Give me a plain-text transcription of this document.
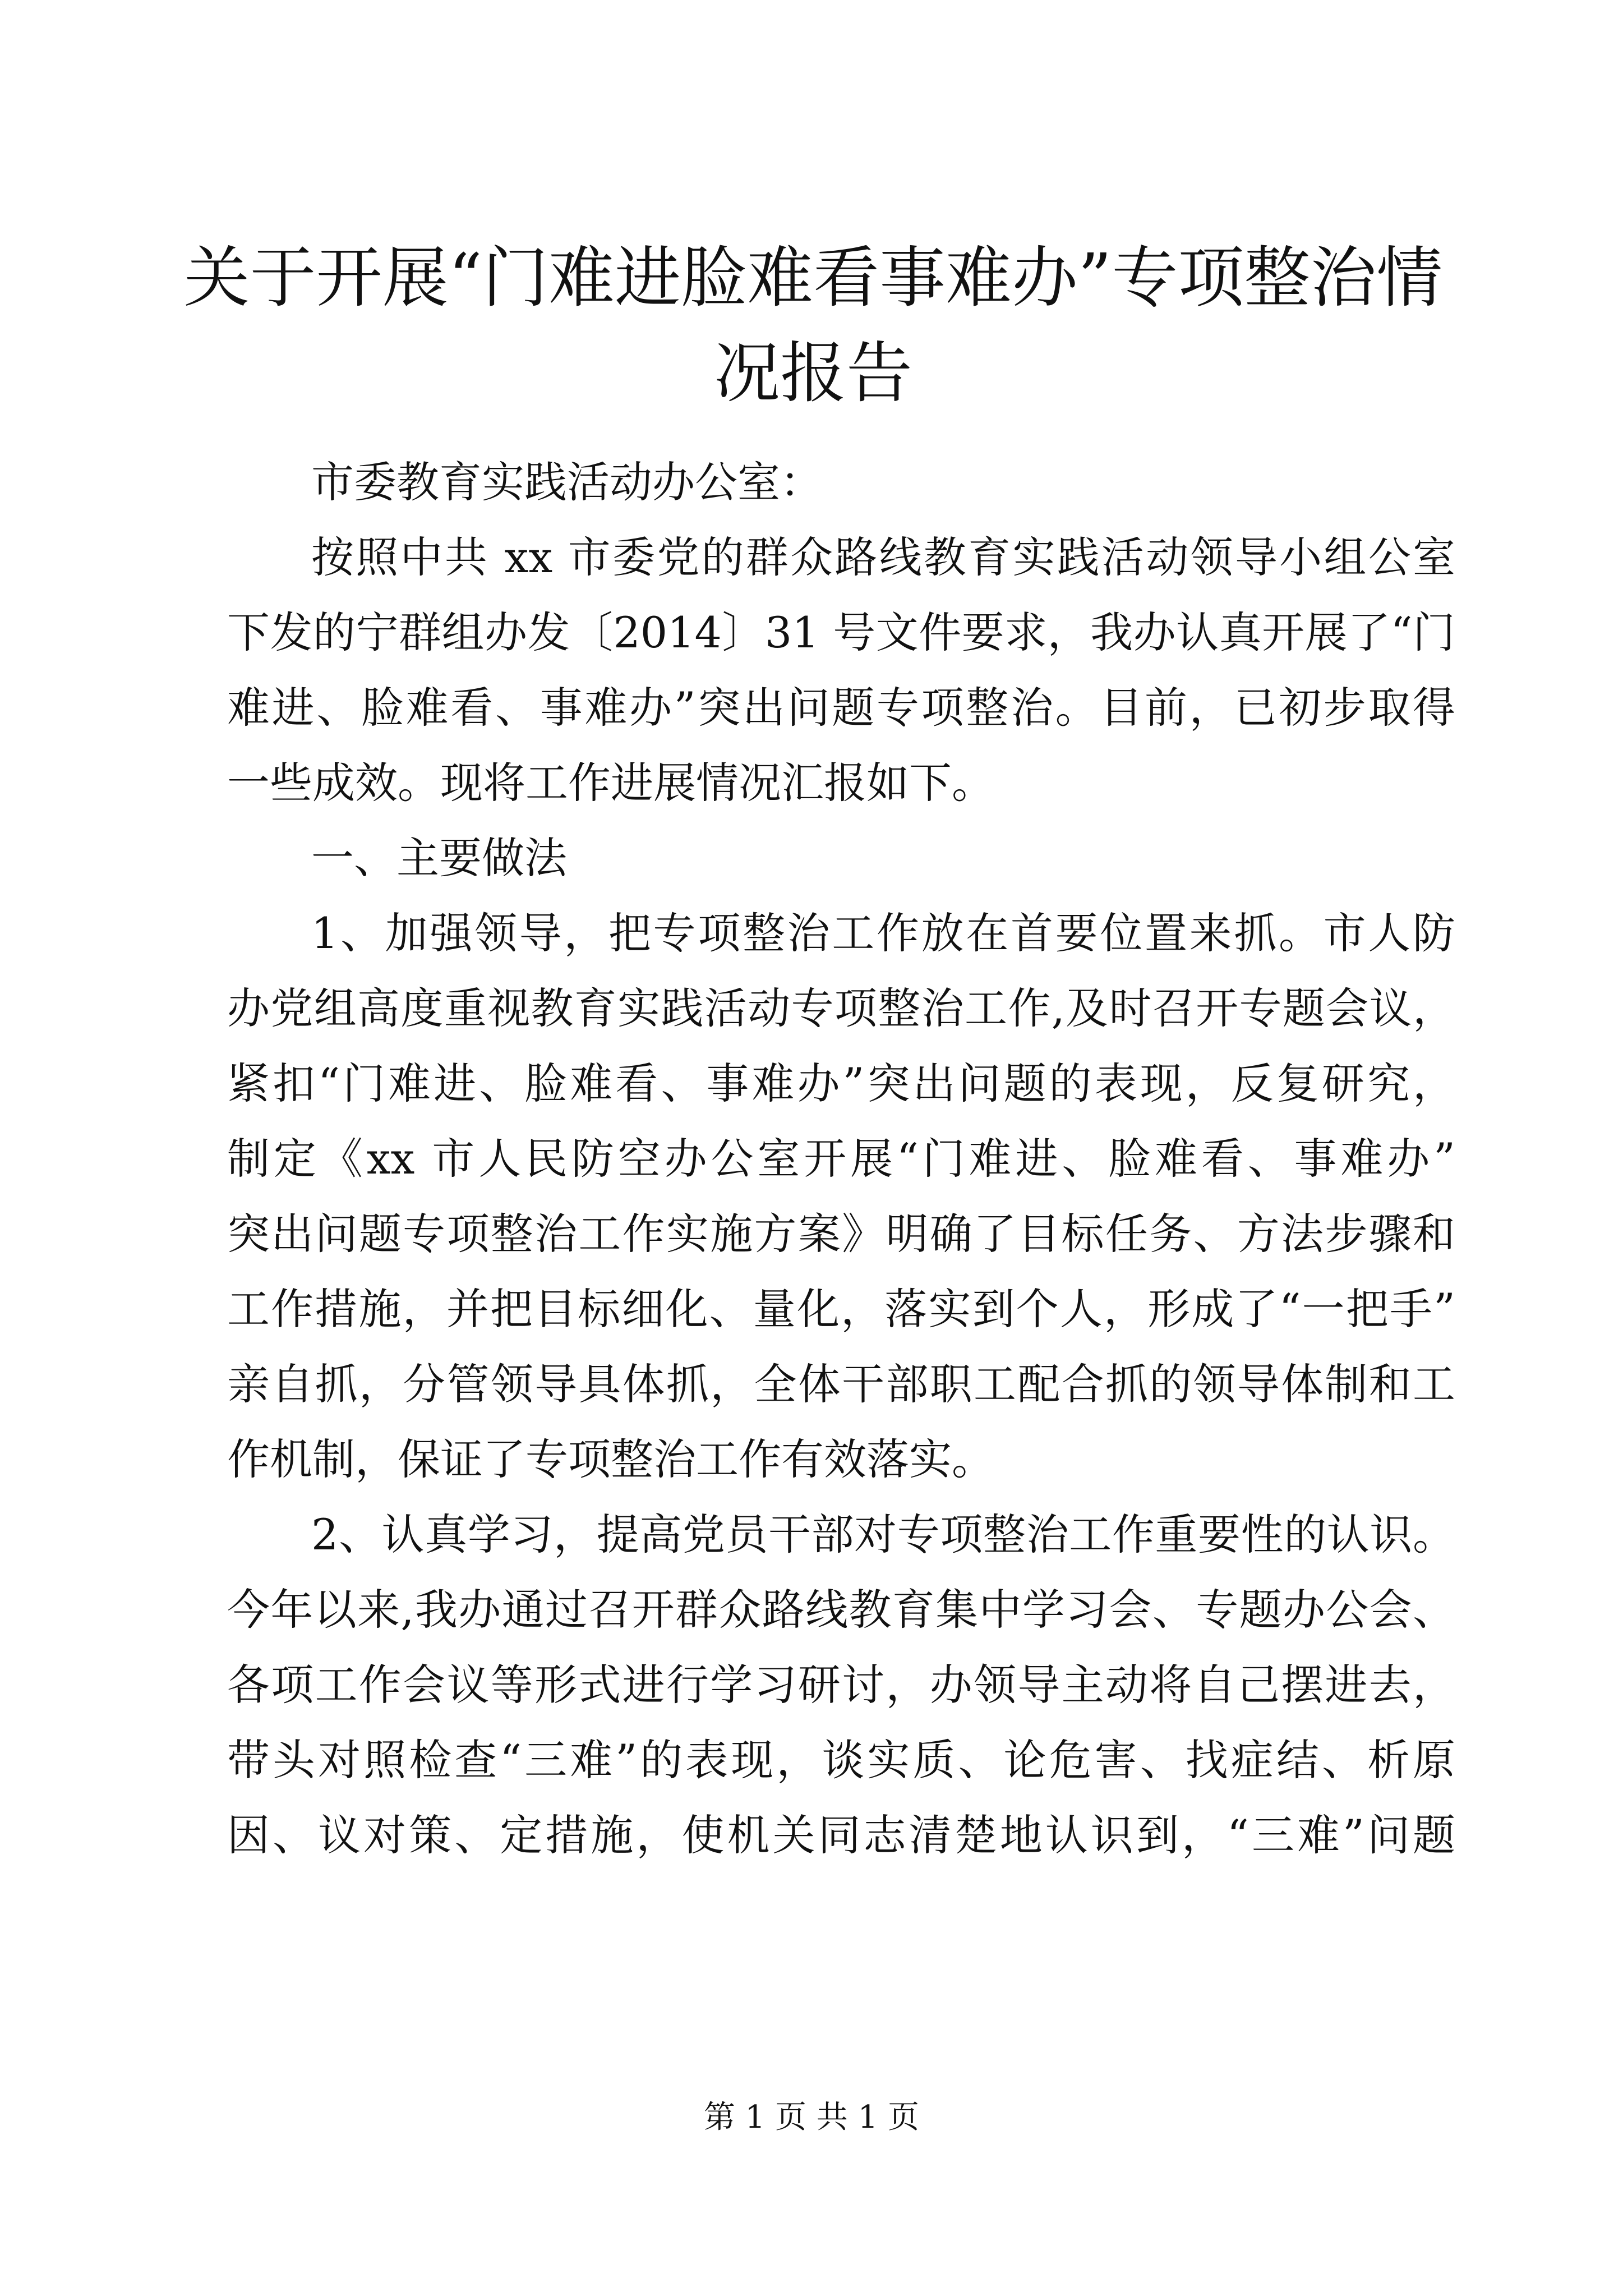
关于开展“门难进脸难看事难办”专项整治情
况报告
市委教育实践活动办公室：
按照中共 xx 市委党的群众路线教育实践活动领导小组公室
下发的宁群组办发〔2014〕31 号文件要求，我办认真开展了“门
难进、脸难看、事难办”突出问题专项整治。目前，已初步取得
一些成效。现将工作进展情况汇报如下。
一、主要做法
1、加强领导，把专项整治工作放在首要位置来抓。市人防
办党组高度重视教育实践活动专项整治工作,及时召开专题会议，
紧扣“门难进、脸难看、事难办”突出问题的表现，反复研究，
制定《xx 市人民防空办公室开展“门难进、脸难看、事难办”
突出问题专项整治工作实施方案》明确了目标任务、方法步骤和
工作措施，并把目标细化、量化，落实到个人，形成了“一把手”
亲自抓，分管领导具体抓，全体干部职工配合抓的领导体制和工
作机制，保证了专项整治工作有效落实。
2、认真学习，提高党员干部对专项整治工作重要性的认识。
今年以来,我办通过召开群众路线教育集中学习会、专题办公会、
各项工作会议等形式进行学习研讨，办领导主动将自己摆进去，
带头对照检查“三难”的表现，谈实质、论危害、找症结、析原
因、议对策、定措施，使机关同志清楚地认识到，“三难”问题
第 1 页 共 1 页
